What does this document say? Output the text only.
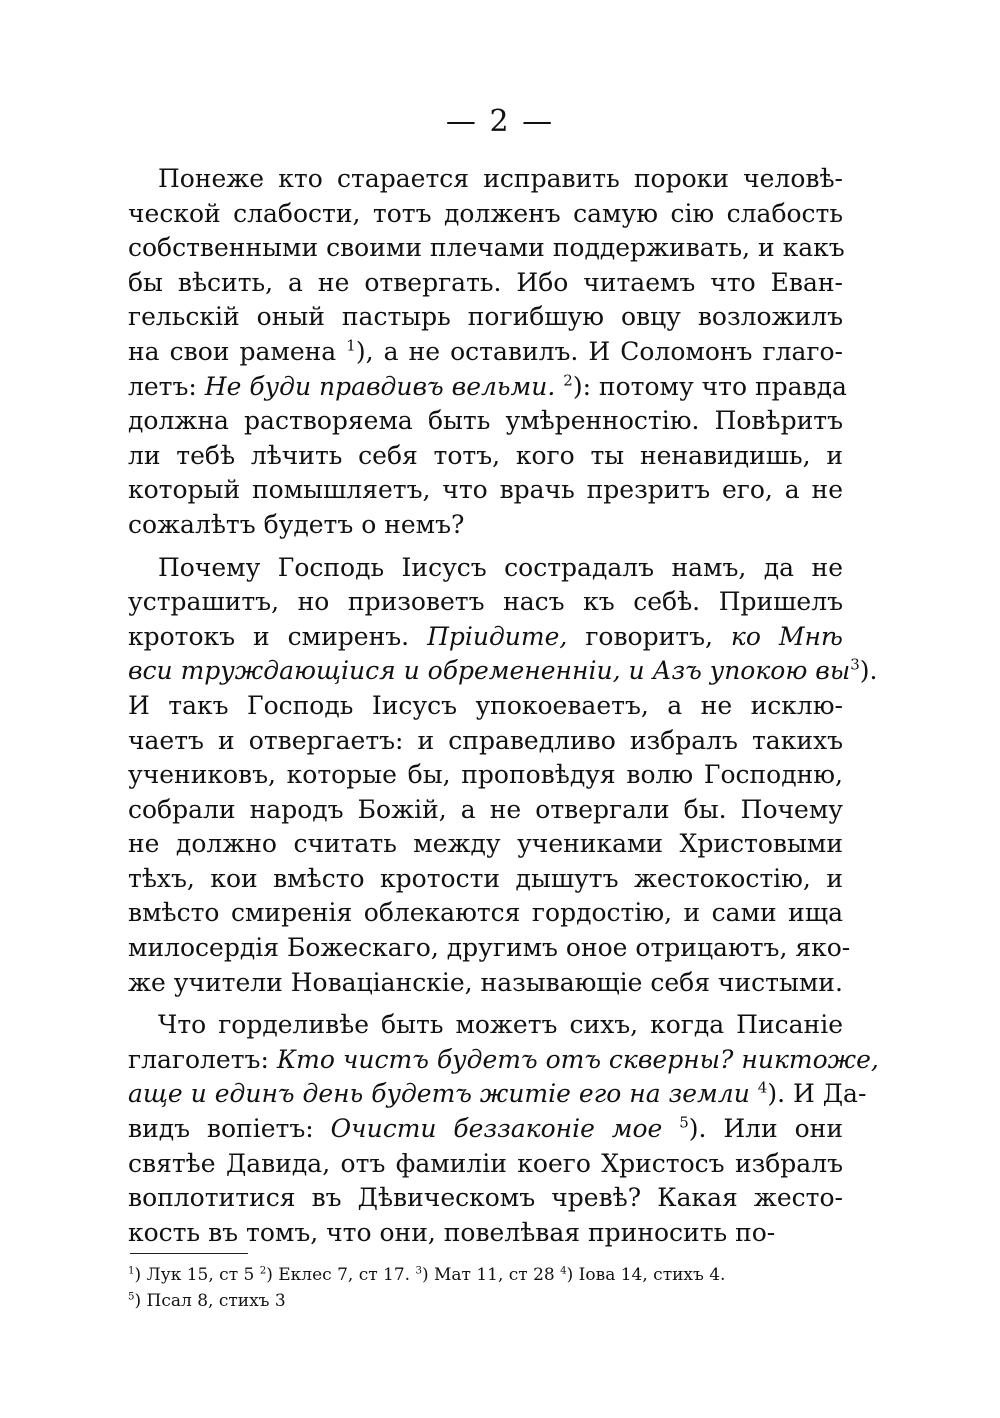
— 2 —
Понеже кто старается исправить пороки человѣ-
ческой слабости, тотъ долженъ самую сію слабость
собственными своими плечами поддерживать, и какъ
бы вѣсить, а не отвергать. Ибо читаемъ что Еван-
гельскій оный пастырь погибшую овцу возложилъ
на свои рамена $^1$), а не оставилъ. И Соломонъ глаго-
летъ: Не буди правдивъ вельми. $^2$): потому что правда
должна растворяема быть умѣренностію. Повѣритъ
ли тебѣ лѣчить себя тотъ, кого ты ненавидишь, и
который помышляетъ, что врачь презритъ его, а не
сожалѣтъ будетъ о немъ?
Почему Господь Іисусъ сострадалъ намъ, да не
устрашитъ, но призоветъ насъ къ себѣ. Пришелъ
кротокъ и смиренъ. Пріидите, говоритъ, ко Мнѣ
вси труждающіися и обремененніи, и Азъ упокою $вы^3$).
И такъ Господь Іисусъ упокоеваетъ, а не исклю-
чаетъ и отвергаетъ: и справедливо избралъ такихъ
учениковъ, которые бы, проповѣдуя волю Господню,
собрали народъ Божій, а не отвергали бы. Почему
не должно считать между учениками Христовыми
тѣхъ, кои вмѣсто кротости дышутъ жестокостію, и
вмѣсто смиренія облекаются гордостію, и сами ища
милосердія Божескаго, другимъ оное отрицаютъ, яко-
же учители Новаціанскіе, называющіе себя чистыми.
Что горделивѣе быть можетъ сихъ, когда Писаніе
глаголетъ: Кто чистъ будетъ отъ скверны? никтоже,
аще и единъ день будетъ житіе его на земли $^4$). И Да-
видъ вопіетъ: Очисти беззаконіе мое $^5$). Или они
святѣе Давида, отъ фамиліи коего Христосъ избралъ
воплотитися въ Дѣвическомъ чревѣ? Какая жесто-
кость въ томъ, что они, повелѣвая приносить по-
$^1$) Лук 15, ст 5 $^2$) Еклес 7, ст 17. $^3$) Мат 11, ст 28 $^4$) Іова 14, стихъ 4.
$^5$) Псал 8, стихъ 3
